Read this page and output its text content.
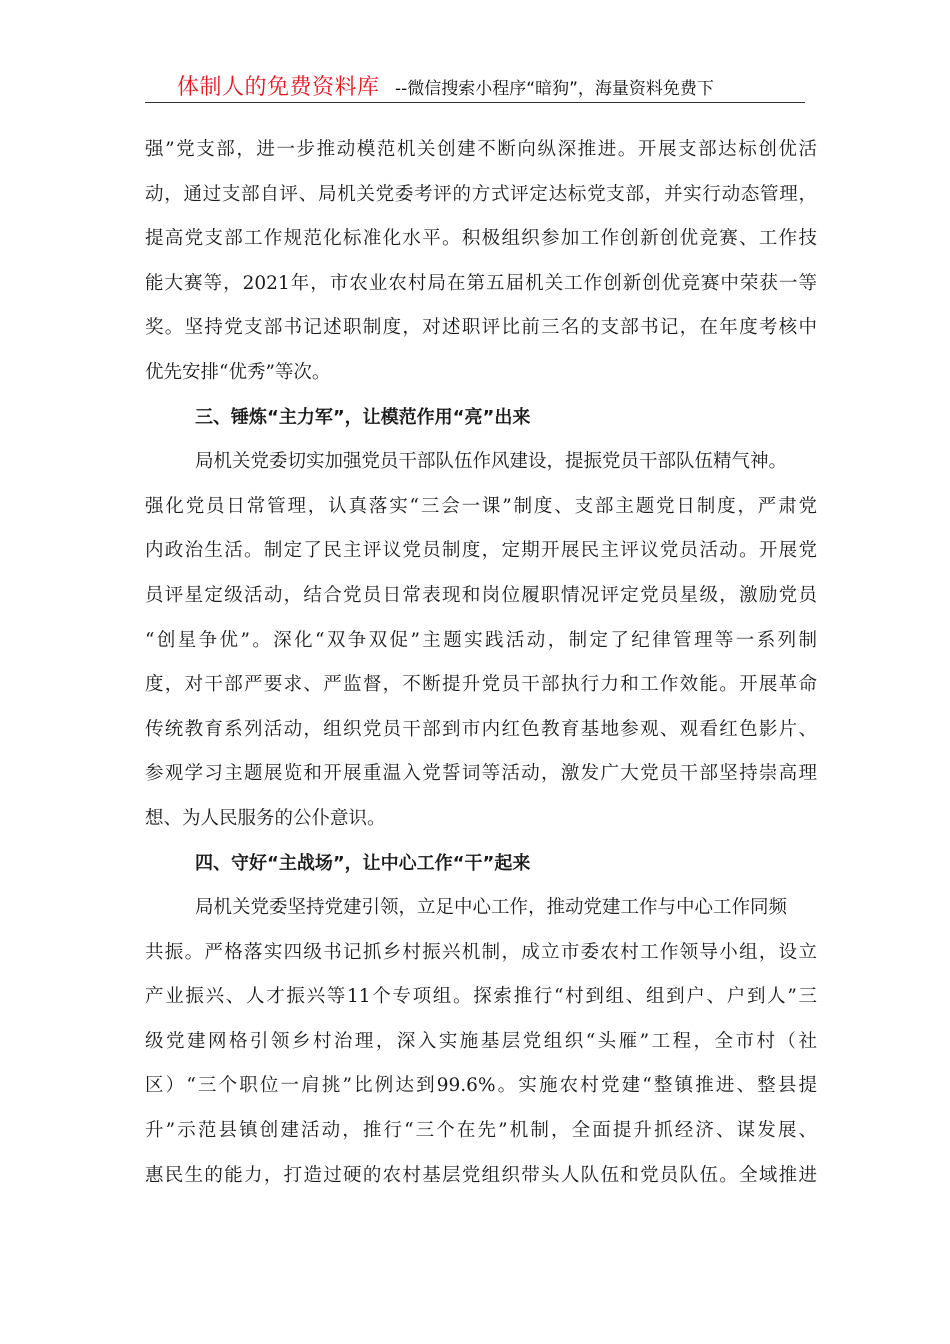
体制人的免费资料库 --微信搜索小程序“暗狗”，海量资料免费下
强”党支部，进一步推动模范机关创建不断向纵深推进。开展支部达标创优活
动，通过支部自评、局机关党委考评的方式评定达标党支部，并实行动态管理，
提高党支部工作规范化标准化水平。积极组织参加工作创新创优竞赛、工作技
能大赛等，2021年，市农业农村局在第五届机关工作创新创优竞赛中荣获一等
奖。坚持党支部书记述职制度，对述职评比前三名的支部书记，在年度考核中
优先安排“优秀”等次。
三、锤炼“主力军”，让模范作用“亮”出来
局机关党委切实加强党员干部队伍作风建设，提振党员干部队伍精气神。
强化党员日常管理，认真落实“三会一课”制度、支部主题党日制度，严肃党
内政治生活。制定了民主评议党员制度，定期开展民主评议党员活动。开展党
员评星定级活动，结合党员日常表现和岗位履职情况评定党员星级，激励党员
“创星争优”。深化“双争双促”主题实践活动，制定了纪律管理等一系列制
度，对干部严要求、严监督，不断提升党员干部执行力和工作效能。开展革命
传统教育系列活动，组织党员干部到市内红色教育基地参观、观看红色影片、
参观学习主题展览和开展重温入党誓词等活动，激发广大党员干部坚持崇高理
想、为人民服务的公仆意识。
四、守好“主战场”，让中心工作“干”起来
局机关党委坚持党建引领，立足中心工作，推动党建工作与中心工作同频
共振。严格落实四级书记抓乡村振兴机制，成立市委农村工作领导小组，设立
产业振兴、人才振兴等11个专项组。探索推行“村到组、组到户、户到人”三
级党建网格引领乡村治理，深入实施基层党组织“头雁”工程，全市村（社
区）“三个职位一肩挑”比例达到99.6%。实施农村党建“整镇推进、整县提
升”示范县镇创建活动，推行“三个在先”机制，全面提升抓经济、谋发展、
惠民生的能力，打造过硬的农村基层党组织带头人队伍和党员队伍。全域推进
